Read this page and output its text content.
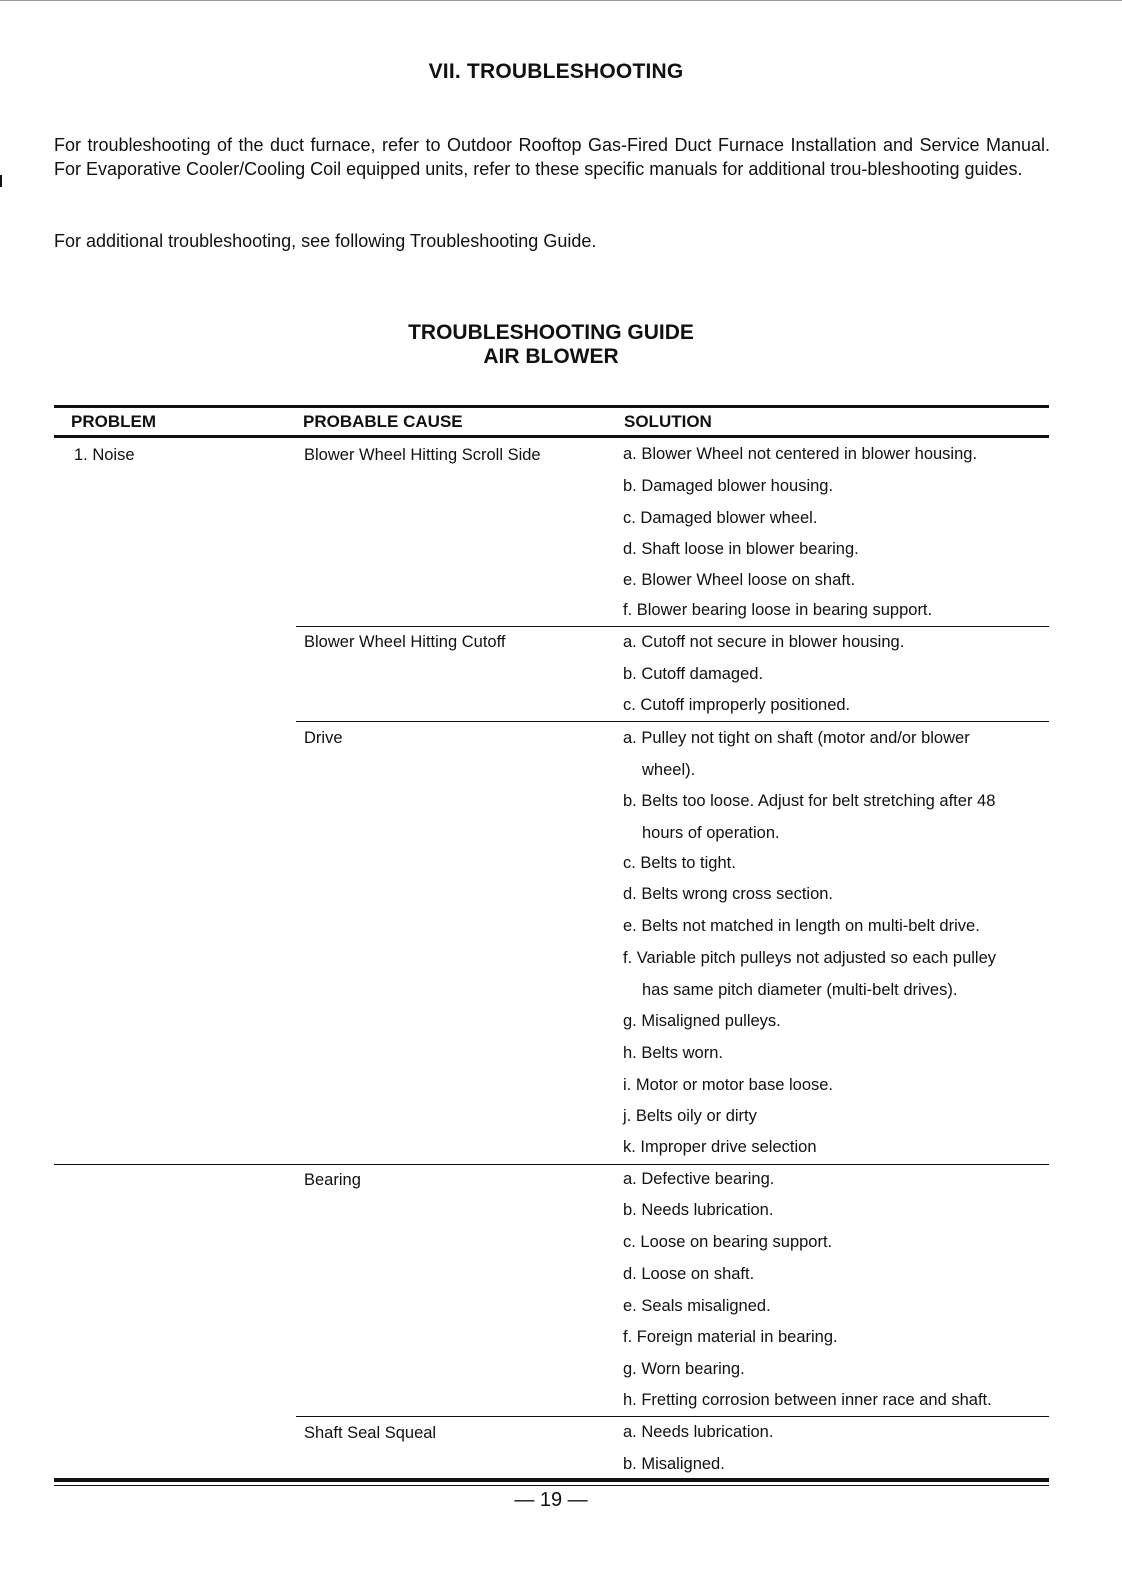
VII. TROUBLESHOOTING

For troubleshooting of the duct furnace, refer to Outdoor Rooftop Gas-Fired Duct Furnace Installation and Service Manual. For Evaporative Cooler/Cooling Coil equipped units, refer to these specific manuals for additional trou-bleshooting guides.

For additional troubleshooting, see following Troubleshooting Guide.

TROUBLESHOOTING GUIDE
AIR BLOWER
PROBLEM	PROBABLE CAUSE	SOLUTION
1. Noise	Blower Wheel Hitting Scroll Side	a. Blower Wheel not centered in blower housing.
b. Damaged blower housing.
c. Damaged blower wheel.
d. Shaft loose in blower bearing.
e. Blower Wheel loose on shaft.
f. Blower bearing loose in bearing support.
Blower Wheel Hitting Cutoff	a. Cutoff not secure in blower housing.
b. Cutoff damaged.
c. Cutoff improperly positioned.
Drive	a. Pulley not tight on shaft (motor and/or blower
wheel).
b. Belts too loose. Adjust for belt stretching after 48
hours of operation.
c. Belts to tight.
d. Belts wrong cross section.
e. Belts not matched in length on multi-belt drive.
f. Variable pitch pulleys not adjusted so each pulley
has same pitch diameter (multi-belt drives).
g. Misaligned pulleys.
h. Belts worn.
i. Motor or motor base loose.
j. Belts oily or dirty
k. Improper drive selection
Bearing	a. Defective bearing.
b. Needs lubrication.
c. Loose on bearing support.
d. Loose on shaft.
e. Seals misaligned.
f. Foreign material in bearing.
g. Worn bearing.
h. Fretting corrosion between inner race and shaft.
Shaft Seal Squeal	a. Needs lubrication.
b. Misaligned.
— 19 —
